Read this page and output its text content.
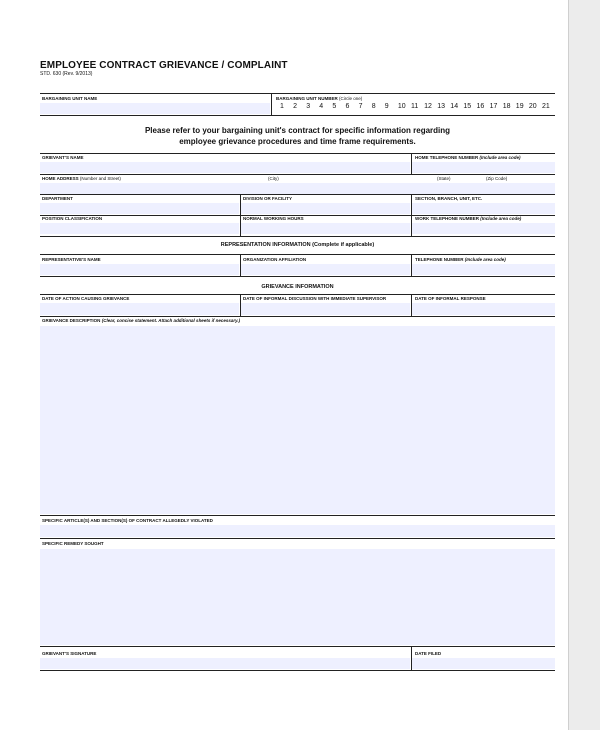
EMPLOYEE CONTRACT GRIEVANCE / COMPLAINT
STD. 630 (Rev. 9/2013)
BARGAINING UNIT NAME	BARGAINING UNIT NUMBER (Circle one)
1 2 3 4 5 6 7 8 9 10 11 12 13 14 15 16 17 18 19 20 21
Please refer to your bargaining unit's contract for specific information regarding
employee grievance procedures and time frame requirements.
GRIEVANT'S NAME	HOME TELEPHONE NUMBER (Include area code)
HOME ADDRESS (Number and Street)	(City)	(State)	(Zip Code)
DEPARTMENT	DIVISION OR FACILITY	SECTION, BRANCH, UNIT, ETC.
POSITION CLASSIFICATION	NORMAL WORKING HOURS	WORK TELEPHONE NUMBER (Include area code)
REPRESENTATION INFORMATION (Complete if applicable)
REPRESENTATIVE'S NAME	ORGANIZATION AFFILIATION	TELEPHONE NUMBER (Include area code)
GRIEVANCE INFORMATION
DATE OF ACTION CAUSING GRIEVANCE	DATE OF INFORMAL DISCUSSION WITH IMMEDIATE SUPERVISOR	DATE OF INFORMAL RESPONSE
GRIEVANCE DESCRIPTION (Clear, concise statement. Attach additional sheets if necessary.)
SPECIFIC ARTICLE(S) AND SECTION(S) OF CONTRACT ALLEGEDLY VIOLATED
SPECIFIC REMEDY SOUGHT
GRIEVANT'S SIGNATURE	DATE FILED
